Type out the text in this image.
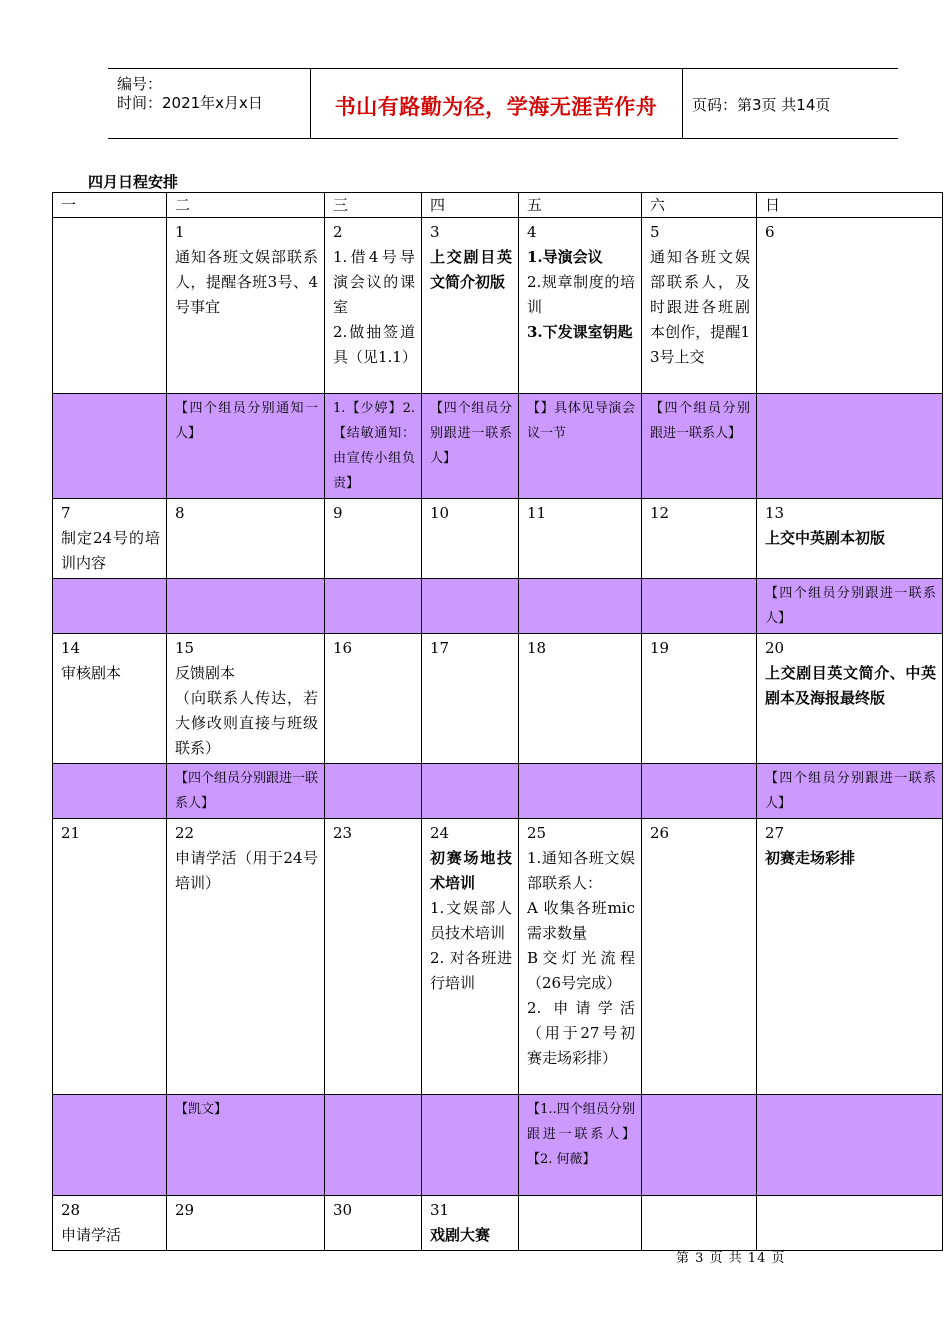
编号：
时间：2021年x月x日	书山有路勤为径，学海无涯苦作舟	页码：第3页 共14页
四月日程安排
一	二	三	四	五	六	日

	1
通知各班文娱部联系人，提醒各班3号、4号事宜	2
1.借4号导演会议的课室
2.做抽签道具（见1.1）	3
上交剧目英文简介初版	4
1.导演会议
2.规章制度的培训
3.下发课室钥匙	5
通知各班文娱部联系人，及时跟进各班剧本创作，提醒13号上交	6

	【四个组员分别通知一人】	1.【少婷】2.【结敏通知：由宣传小组负责】	【四个组员分别跟进一联系人】	【】具体见导演会议一节	【四个组员分别跟进一联系人】	

7
制定24号的培训内容	8	9	10	11	12	13
上交中英剧本初版

						【四个组员分别跟进一联系人】

14
审核剧本	15
反馈剧本
（向联系人传达，若大修改则直接与班级联系）	16	17	18	19	20
上交剧目英文简介、中英剧本及海报最终版

	【四个组员分别跟进一联系人】					【四个组员分别跟进一联系人】

21	22
申请学活（用于24号培训）	23	24
初赛场地技术培训
1.文娱部人员技术培训
2. 对各班进行培训	25
1.通知各班文娱部联系人：
A 收集各班mic需求数量
B交灯光流程（26号完成）
2. 申请学活（用于27号初赛走场彩排）	26	27
初赛走场彩排

	【凯文】			【1..四个组员分别跟进一联系人】【2. 何薇】		

28
申请学活	29	30	31
戏剧大赛			

第 3 页 共 14 页
